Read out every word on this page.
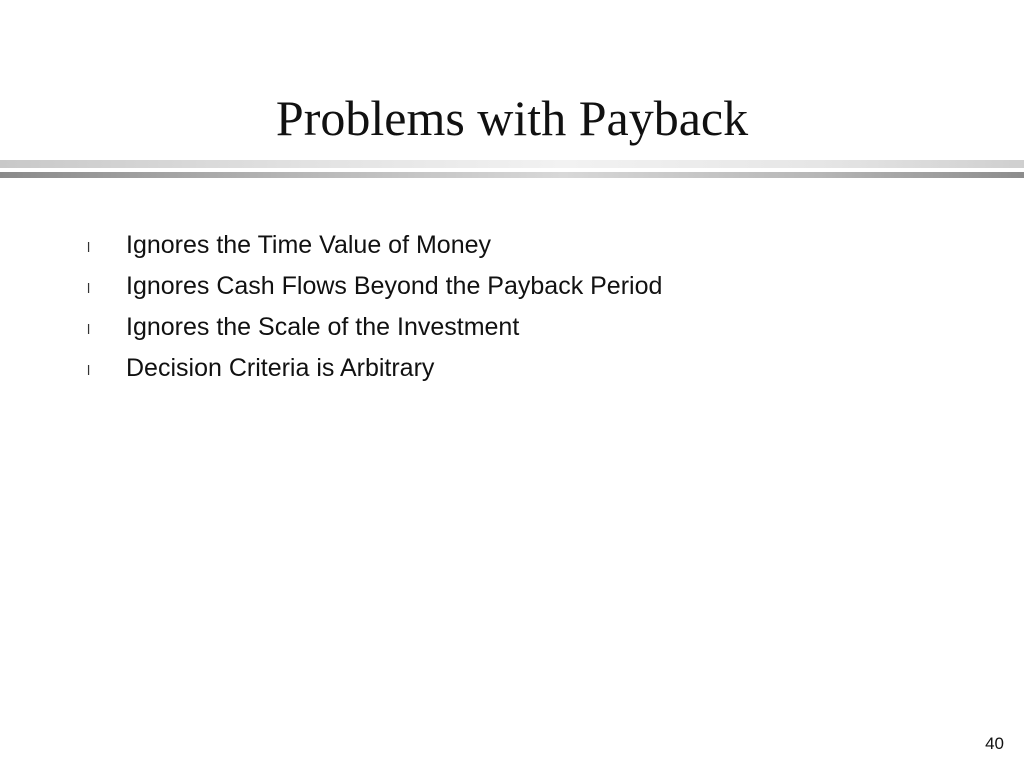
Problems with Payback
l Ignores the Time Value of Money
l Ignores Cash Flows Beyond the Payback Period
l Ignores the Scale of the Investment
l Decision Criteria is Arbitrary
40
